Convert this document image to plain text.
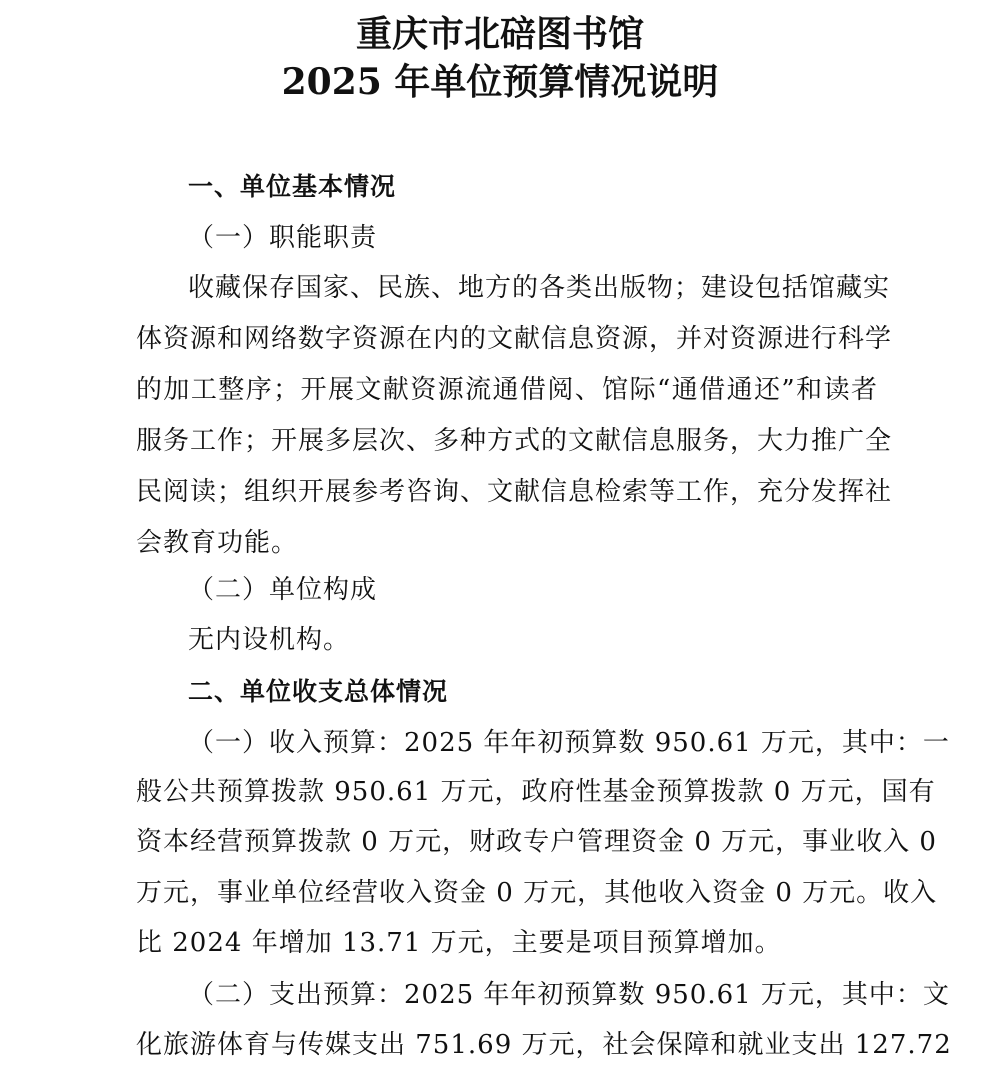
重庆市北碚图书馆
2025 年单位预算情况说明
一、单位基本情况
（一）职能职责
收藏保存国家、民族、地方的各类出版物；建设包括馆藏实
体资源和网络数字资源在内的文献信息资源，并对资源进行科学
的加工整序；开展文献资源流通借阅、馆际“通借通还”和读者
服务工作；开展多层次、多种方式的文献信息服务，大力推广全
民阅读；组织开展参考咨询、文献信息检索等工作，充分发挥社
会教育功能。
（二）单位构成
无内设机构。
二、单位收支总体情况
（一）收入预算：2025 年年初预算数 950.61 万元，其中：一
般公共预算拨款 950.61 万元，政府性基金预算拨款 0 万元，国有
资本经营预算拨款 0 万元，财政专户管理资金 0 万元，事业收入 0
万元，事业单位经营收入资金 0 万元，其他收入资金 0 万元。收入
比 2024 年增加 13.71 万元，主要是项目预算增加。
（二）支出预算：2025 年年初预算数 950.61 万元，其中：文
化旅游体育与传媒支出 751.69 万元，社会保障和就业支出 127.72
